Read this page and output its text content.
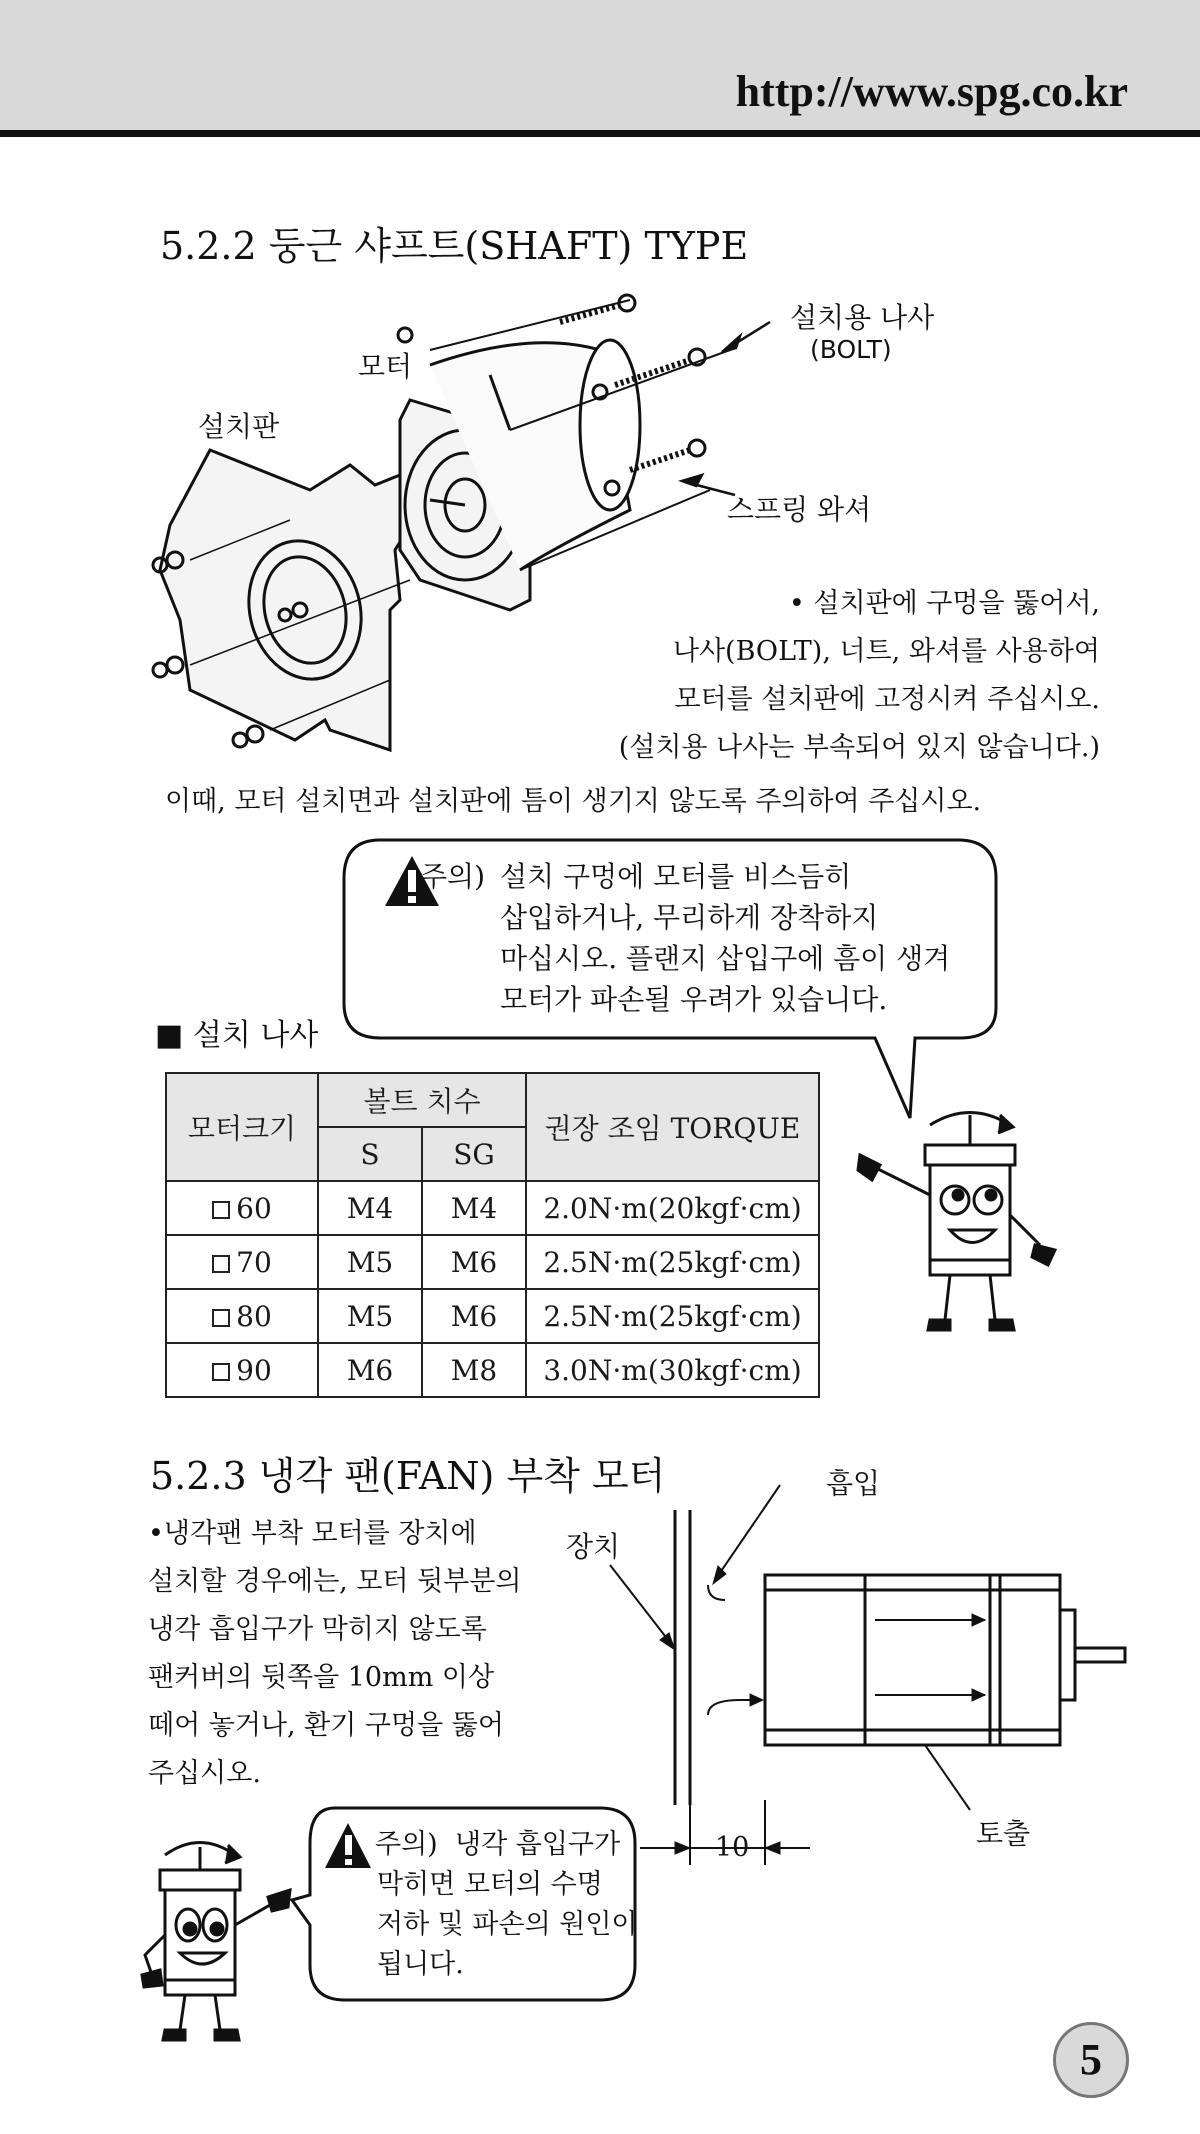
http://www.spg.co.kr
5.2.2 둥근 샤프트(SHAFT) TYPE
설치용 나사
(BOLT)
모터
설치판
스프링 와셔
• 설치판에 구멍을 뚫어서,
나사(BOLT), 너트, 와셔를 사용하여
모터를 설치판에 고정시켜 주십시오.
(설치용 나사는 부속되어 있지 않습니다.)
이때, 모터 설치면과 설치판에 틈이 생기지 않도록 주의하여 주십시오.
주의) 설치 구멍에 모터를 비스듬히
삽입하거나, 무리하게 장착하지
마십시오. 플랜지 삽입구에 흠이 생겨
모터가 파손될 우려가 있습니다.
■ 설치 나사
모터크기	볼트 치수		권장 조임 TORQUE
	S	SG	
60	M4	M4	2.0N·m(20kgf·cm)
70	M5	M6	2.5N·m(25kgf·cm)
80	M5	M6	2.5N·m(25kgf·cm)
90	M6	M8	3.0N·m(30kgf·cm)
5.2.3 냉각 팬(FAN) 부착 모터
•냉각팬 부착 모터를 장치에
설치할 경우에는, 모터 뒷부분의
냉각 흡입구가 막히지 않도록
팬커버의 뒷쪽을 10mm 이상
떼어 놓거나, 환기 구멍을 뚫어
주십시오.
흡입
장치
토출
10
주의) 냉각 흡입구가
막히면 모터의 수명
저하 및 파손의 원인이
됩니다.
5
